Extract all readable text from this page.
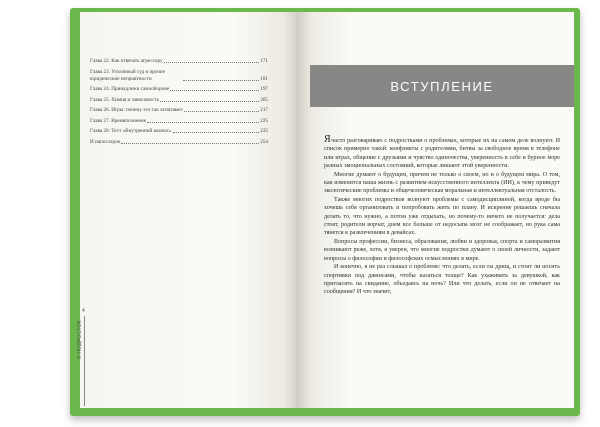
Глава 22. Как отвечать агрессору	171
Глава 23. Уголовный суд и прочие юридические неприятности	181
Глава 24. Принадлежи самообороне	197
Глава 25. Химия и зависимость	205
Глава 26. Игры: почему это так затягивает	217
Глава 27. Времяполнение	225
Глава 28. Тест «Внутренний компас»	235
И напоследок	254
4
Я ПОДРОСТОК
ВСТУПЛЕНИЕ

Ячасто разговариваю с подростками о проблемах, которые их на самом деле волнуют. И список примерно такой: конфликты с родителями, битвы за свободное время в телефоне или играх, общение с друзьями и чувство одиночества, уверенность в себе и бурное море разных эмоциональных состояний, которые лишают этой уверенности.

Многие думают о будущем, причем не только о своем, но и о будущем мира. О том, как изменится наша жизнь с развитием искусственного интеллекта (ИИ), к чему приведут экологические проблемы и общечеловеческая моральная и интеллектуальная отсталость.

Также многих подростков волнуют проблемы с самодисциплиной, когда вроде бы хочешь себя организовать и попробовать жить по плану. И искренне решаешь сначала делать то, что нужно, а потом уже отдыхать, но почему-то ничего не получается: дела стоят, родители ворчат, днем все больше от недосыпа мозг не соображает, но рука сама тянется к развлечениям в девайсах.

Вопросы профессии, бизнеса, образования, любви и здоровья, спорта и саморазвития возникают реже, хотя, я уверен, что многие подростки думают о своей личности, задают вопросы о философии и философских осмыслениях в мире.

И конечно, я не раз слышал о проблеме: что делать, если ты дрищ, и стоит ли носить спортивки под джинсами, чтобы казаться толще? Как ухаживать за девушкой, как пригласить на свидание, объедаясь на ночь? Или что делать, если он не отвечает на сообщения? И что значит,
